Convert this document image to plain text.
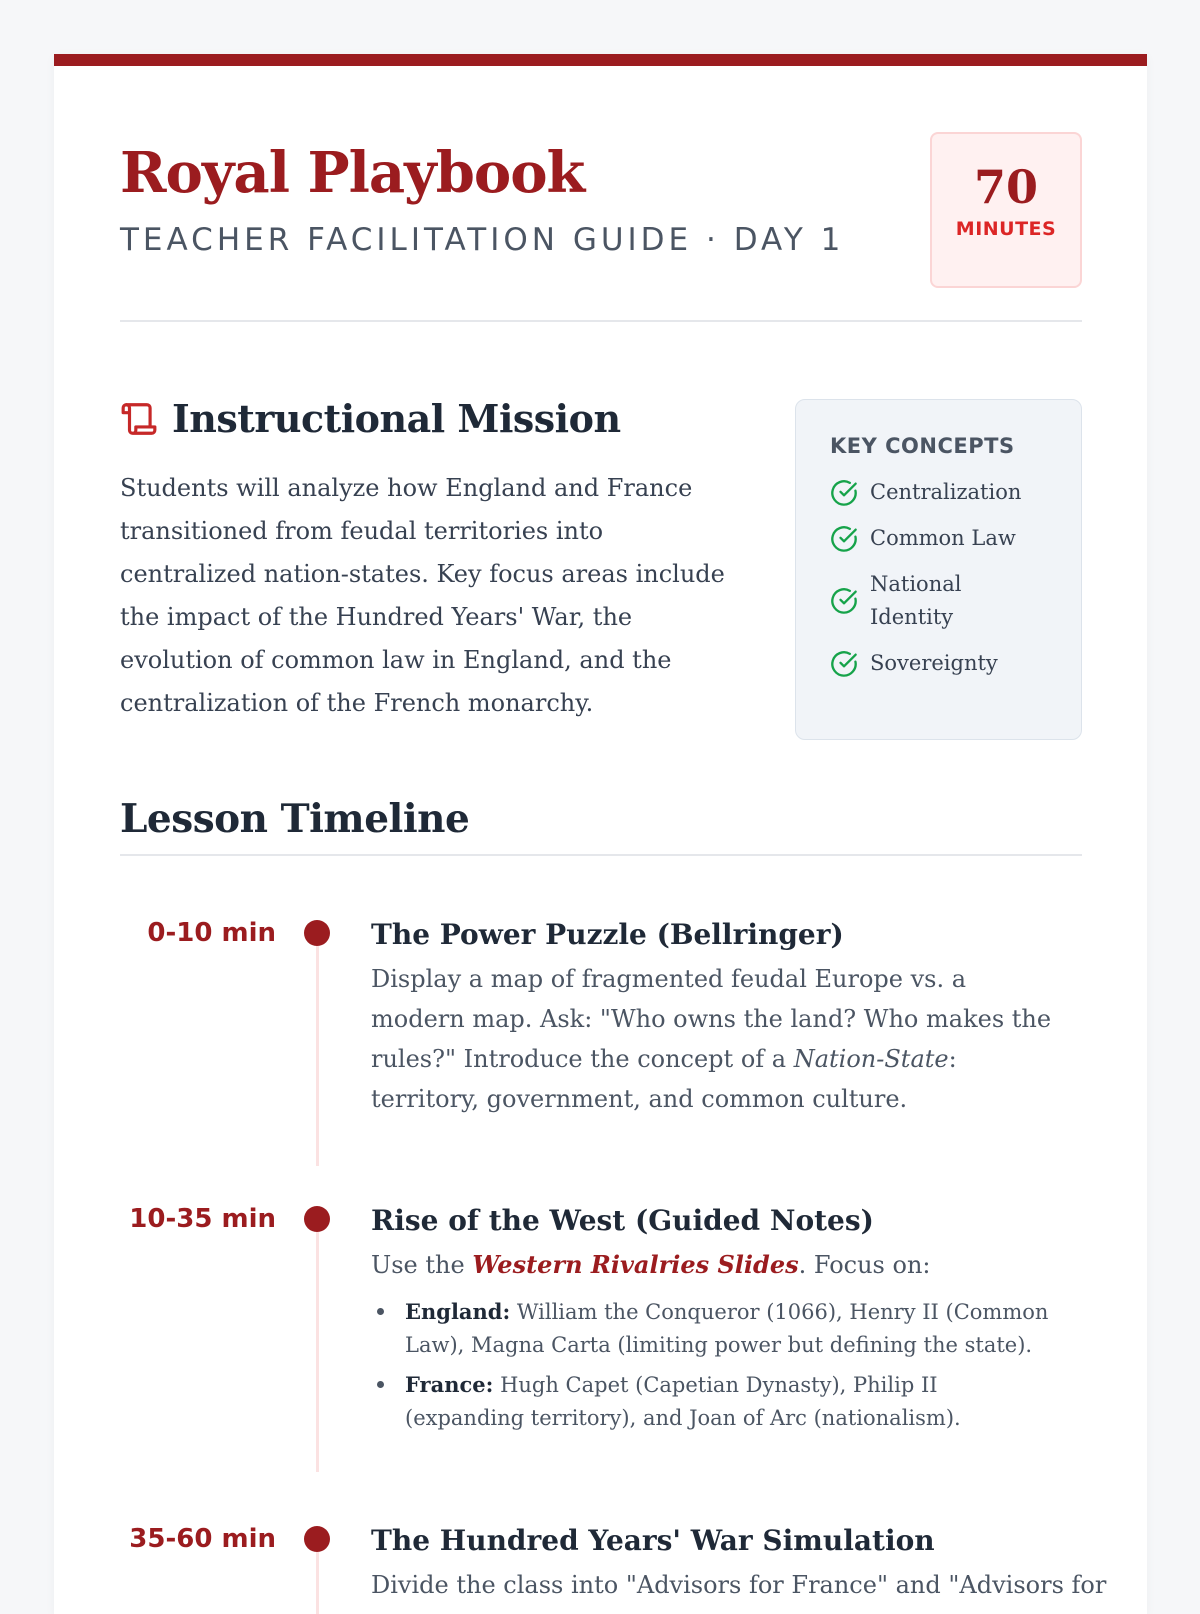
Royal Playbook
TEACHER FACILITATION GUIDE · DAY 1
70
MINUTES
Instructional Mission

Students will analyze how England and France transitioned from feudal territories into centralized nation-states. Key focus areas include the impact of the Hundred Years' War, the evolution of common law in England, and the centralization of the French monarchy.

KEY CONCEPTS
Centralization
Common Law
National Identity
Sovereignty
Lesson Timeline
0-10 min	The Power Puzzle (Bellringer)

Display a map of fragmented feudal Europe vs. a modern map. Ask: "Who owns the land? Who makes the rules?" Introduce the concept of a Nation-State: territory, government, and common culture.

10-35 min	Rise of the West (Guided Notes)

Use the Western Rivalries Slides. Focus on:

England: William the Conqueror (1066), Henry II (Common Law), Magna Carta (limiting power but defining the state).
France: Hugh Capet (Capetian Dynasty), Philip II (expanding territory), and Joan of Arc (nationalism).
35-60 min	The Hundred Years' War Simulation

Divide the class into "Advisors for France" and "Advisors for
